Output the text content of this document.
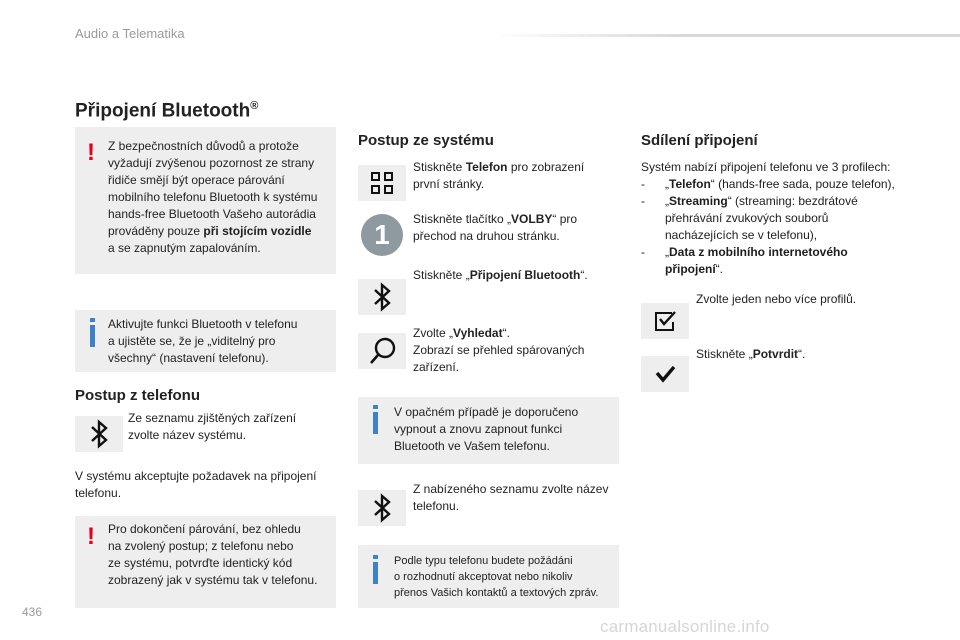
Audio a Telematika
Připojení Bluetooth®
! Z bezpečnostních důvodů a protože
vyžadují zvýšenou pozornost ze strany
řidiče smějí být operace párování
mobilního telefonu Bluetooth k systému
hands-free Bluetooth Vašeho autorádia
prováděny pouze při stojícím vozidle
a se zapnutým zapalováním.
Aktivujte funkci Bluetooth v telefonu
a ujistěte se, že je „viditelný pro
všechny“ (nastavení telefonu).
Postup z telefonu
Ze seznamu zjištěných zařízení
zvolte název systému.
V systému akceptujte požadavek na připojení
telefonu.
! Pro dokončení párování, bez ohledu
na zvolený postup; z telefonu nebo
ze systému, potvrďte identický kód
zobrazený jak v systému tak v telefonu.
Postup ze systému
Stiskněte Telefon pro zobrazení
první stránky.
1	Stiskněte tlačítko „VOLBY“ pro
přechod na druhou stránku.
Stiskněte „Připojení Bluetooth“.
Zvolte „Vyhledat“.
Zobrazí se přehled spárovaných
zařízení.
V opačném případě je doporučeno
vypnout a znovu zapnout funkci
Bluetooth ve Vašem telefonu.
Z nabízeného seznamu zvolte název
telefonu.
Podle typu telefonu budete požádáni
o rozhodnutí akceptovat nebo nikoliv
přenos Vašich kontaktů a textových zpráv.
Sdílení připojení
Systém nabízí připojení telefonu ve 3 profilech:
- „Telefon“ (hands-free sada, pouze telefon),
- „Streaming“ (streaming: bezdrátové
přehrávání zvukových souborů
nacházejících se v telefonu),
- „Data z mobilního internetového
připojení“.
Zvolte jeden nebo více profilů.
Stiskněte „Potvrdit“.
436
carmanualsonline.info
